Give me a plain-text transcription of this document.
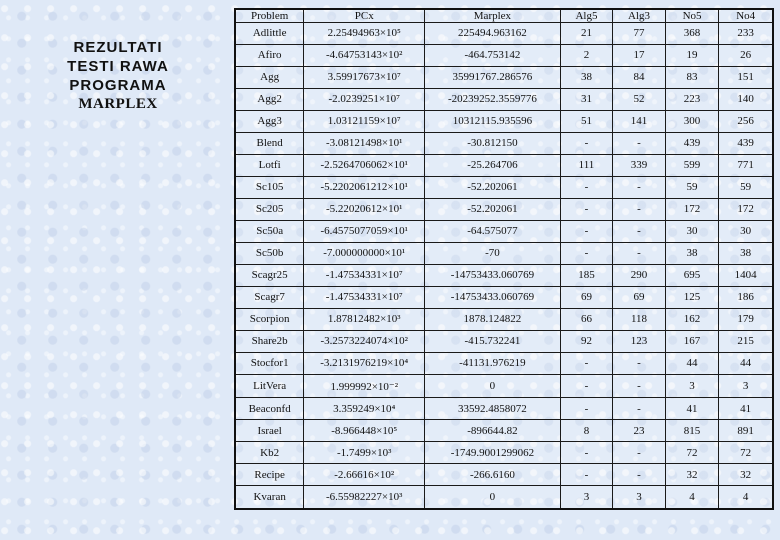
REZULTATI
TESTI RAWA
PROGRAMA
MARPLEX
Problem	PCx	Marplex	Alg5	Alg3	No5	No4
Adlittle	2.25494963×10⁵	225494.963162	21	77	368	233
Afiro	-4.64753143×10²	-464.753142	2	17	19	26
Agg	3.59917673×10⁷	35991767.286576	38	84	83	151
Agg2	-2.0239251×10⁷	-20239252.3559776	31	52	223	140
Agg3	1.03121159×10⁷	10312115.935596	51	141	300	256
Blend	-3.08121498×10¹	-30.812150	-	-	439	439
Lotfi	-2.5264706062×10¹	-25.264706	111	339	599	771
Sc105	-5.2202061212×10¹	-52.202061	-	-	59	59
Sc205	-5.22020612×10¹	-52.202061	-	-	172	172
Sc50a	-6.4575077059×10¹	-64.575077	-	-	30	30
Sc50b	-7.000000000×10¹	-70	-	-	38	38
Scagr25	-1.47534331×10⁷	-14753433.060769	185	290	695	1404
Scagr7	-1.47534331×10⁷	-14753433.060769	69	69	125	186
Scorpion	1.87812482×10³	1878.124822	66	118	162	179
Share2b	-3.2573224074×10²	-415.732241	92	123	167	215
Stocfor1	-3.2131976219×10⁴	-41131.976219	-	-	44	44
LitVera	1.999992×10⁻²	0	-	-	3	3
Beaconfd	3.359249×10⁴	33592.4858072	-	-	41	41
Israel	-8.966448×10⁵	-896644.82	8	23	815	891
Kb2	-1.7499×10³	-1749.9001299062	-	-	72	72
Recipe	-2.66616×10²	-266.6160	-	-	32	32
Kvaran	-6.55982227×10³	0	3	3	4	4
